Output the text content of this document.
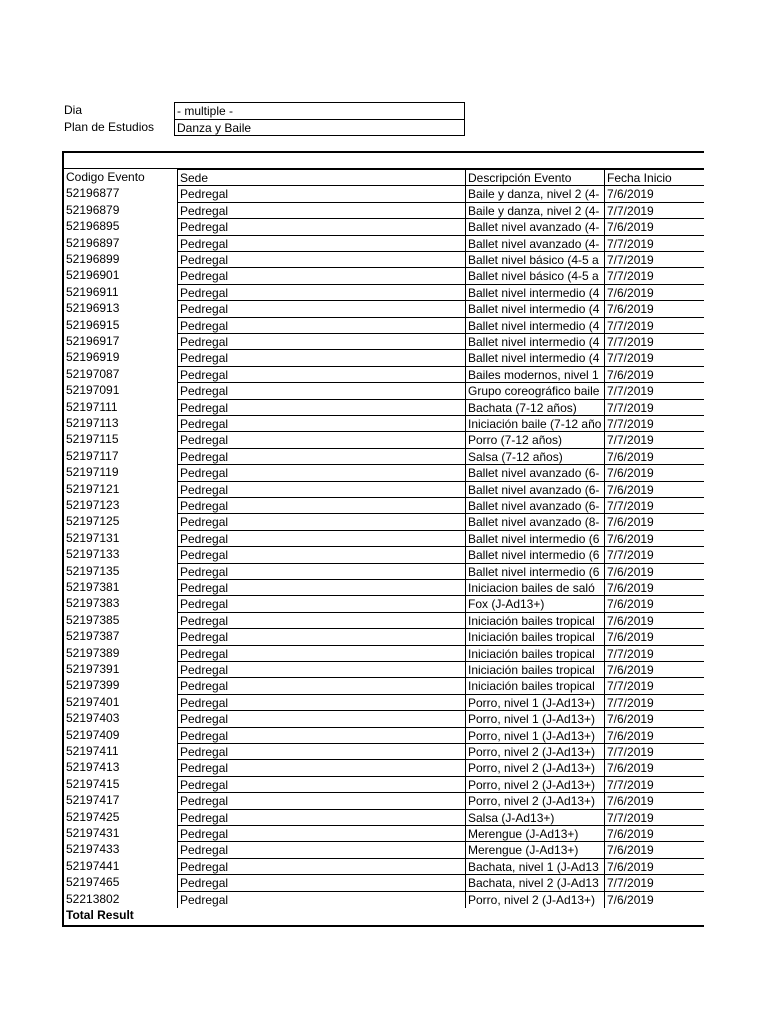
Dia	- multiple -
Plan de Estudios	Danza y Baile
Codigo Evento	Sede	Descripción Evento	Fecha Inicio
52196877	Pedregal	Baile y danza, nivel 2 (4- 7/6/2019
52196879	Pedregal	Baile y danza, nivel 2 (4- 7/7/2019
52196895	Pedregal	Ballet nivel avanzado (4- 7/6/2019
52196897	Pedregal	Ballet nivel avanzado (4- 7/7/2019
52196899	Pedregal	Ballet nivel básico (4-5 a 7/7/2019
52196901	Pedregal	Ballet nivel básico (4-5 a 7/7/2019
52196911	Pedregal	Ballet nivel intermedio (4 7/6/2019
52196913	Pedregal	Ballet nivel intermedio (4 7/6/2019
52196915	Pedregal	Ballet nivel intermedio (4 7/7/2019
52196917	Pedregal	Ballet nivel intermedio (4 7/7/2019
52196919	Pedregal	Ballet nivel intermedio (4 7/7/2019
52197087	Pedregal	Bailes modernos, nivel 1 7/6/2019
52197091	Pedregal	Grupo coreográfico baile 7/7/2019
52197111	Pedregal	Bachata (7-12 años)	7/7/2019
52197113	Pedregal	Iniciación baile (7-12 año 7/7/2019
52197115	Pedregal	Porro (7-12 años)	7/7/2019
52197117	Pedregal	Salsa (7-12 años)	7/6/2019
52197119	Pedregal	Ballet nivel avanzado (6- 7/6/2019
52197121	Pedregal	Ballet nivel avanzado (6- 7/6/2019
52197123	Pedregal	Ballet nivel avanzado (6- 7/7/2019
52197125	Pedregal	Ballet nivel avanzado (8- 7/6/2019
52197131	Pedregal	Ballet nivel intermedio (6 7/6/2019
52197133	Pedregal	Ballet nivel intermedio (6 7/7/2019
52197135	Pedregal	Ballet nivel intermedio (6 7/6/2019
52197381	Pedregal	Iniciacion bailes de saló	7/6/2019
52197383	Pedregal	Fox (J-Ad13+)	7/6/2019
52197385	Pedregal	Iniciación bailes tropical	7/6/2019
52197387	Pedregal	Iniciación bailes tropical	7/6/2019
52197389	Pedregal	Iniciación bailes tropical	7/7/2019
52197391	Pedregal	Iniciación bailes tropical	7/6/2019
52197399	Pedregal	Iniciación bailes tropical	7/7/2019
52197401	Pedregal	Porro, nivel 1 (J-Ad13+) 7/7/2019
52197403	Pedregal	Porro, nivel 1 (J-Ad13+) 7/6/2019
52197409	Pedregal	Porro, nivel 1 (J-Ad13+) 7/6/2019
52197411	Pedregal	Porro, nivel 2 (J-Ad13+) 7/7/2019
52197413	Pedregal	Porro, nivel 2 (J-Ad13+) 7/6/2019
52197415	Pedregal	Porro, nivel 2 (J-Ad13+) 7/7/2019
52197417	Pedregal	Porro, nivel 2 (J-Ad13+) 7/6/2019
52197425	Pedregal	Salsa (J-Ad13+)	7/7/2019
52197431	Pedregal	Merengue (J-Ad13+)	7/6/2019
52197433	Pedregal	Merengue (J-Ad13+)	7/6/2019
52197441	Pedregal	Bachata, nivel 1 (J-Ad13 7/6/2019
52197465	Pedregal	Bachata, nivel 2 (J-Ad13 7/7/2019
52213802	Pedregal	Porro, nivel 2 (J-Ad13+) 7/6/2019
Total Result
